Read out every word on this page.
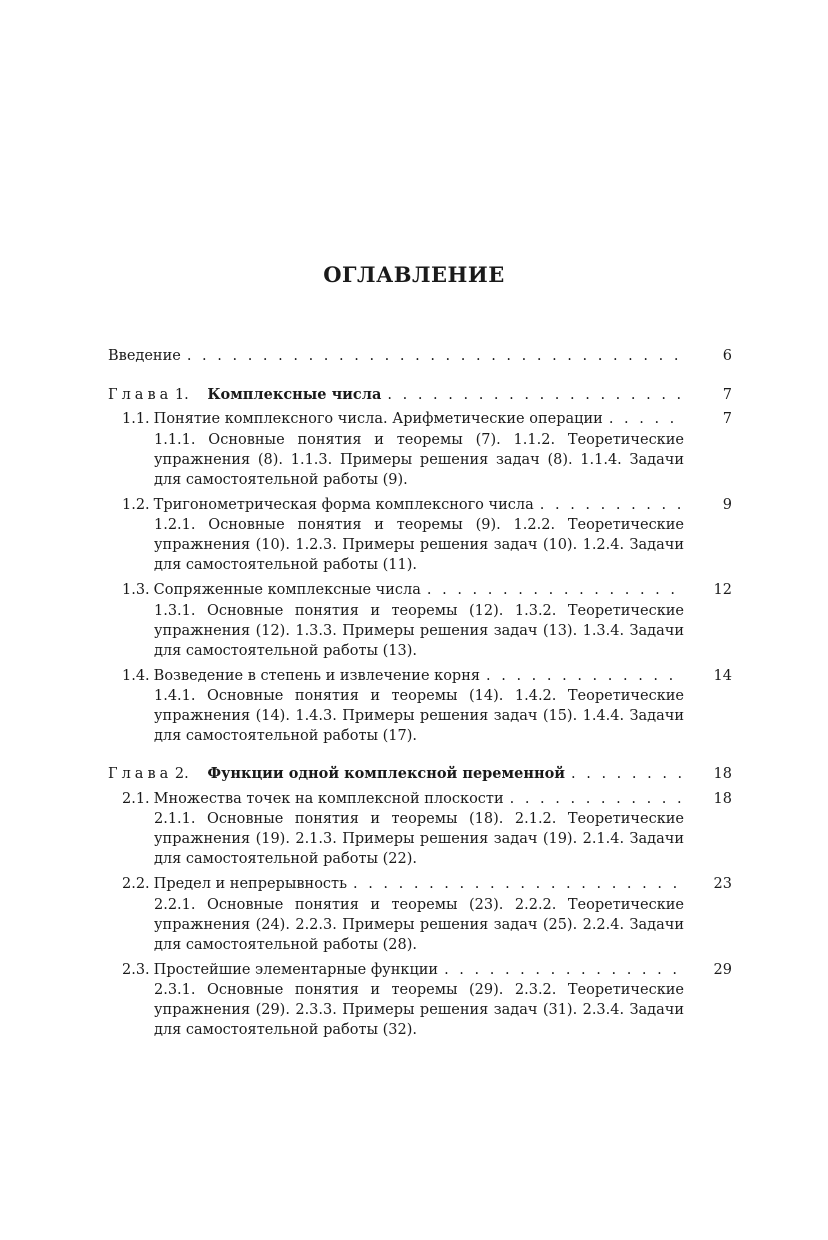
ОГЛАВЛЕНИЕ
Введение . . .	6
Глава 1. Комплексные числа . . .	7
1.1. Понятие комплексного числа. Арифметические операции . . .	7
1.1.1. Основные понятия и теоремы (7). 1.1.2. Теоретические упражнения (8). 1.1.3. Примеры решения задач (8). 1.1.4. Задачи для самостоятельной работы (9).
1.2. Тригонометрическая форма комплексного числа . . .	9
1.2.1. Основные понятия и теоремы (9). 1.2.2. Теоретические упражнения (10). 1.2.3. Примеры решения задач (10). 1.2.4. Задачи для самостоятельной работы (11).
1.3. Сопряженные комплексные числа . . .	12
1.3.1. Основные понятия и теоремы (12). 1.3.2. Теоретические упражнения (12). 1.3.3. Примеры решения задач (13). 1.3.4. Задачи для самостоятельной работы (13).
1.4. Возведение в степень и извлечение корня . . .	14
1.4.1. Основные понятия и теоремы (14). 1.4.2. Теоретические упражнения (14). 1.4.3. Примеры решения задач (15). 1.4.4. Задачи для самостоятельной работы (17).
Глава 2. Функции одной комплексной переменной . . .	18
2.1. Множества точек на комплексной плоскости . . .	18
2.1.1. Основные понятия и теоремы (18). 2.1.2. Теоретические упражнения (19). 2.1.3. Примеры решения задач (19). 2.1.4. Задачи для самостоятельной работы (22).
2.2. Предел и непрерывность . . .	23
2.2.1. Основные понятия и теоремы (23). 2.2.2. Теоретические упражнения (24). 2.2.3. Примеры решения задач (25). 2.2.4. Задачи для самостоятельной работы (28).
2.3. Простейшие элементарные функции . . .	29
2.3.1. Основные понятия и теоремы (29). 2.3.2. Теоретические упражнения (29). 2.3.3. Примеры решения задач (31). 2.3.4. Задачи для самостоятельной работы (32).
